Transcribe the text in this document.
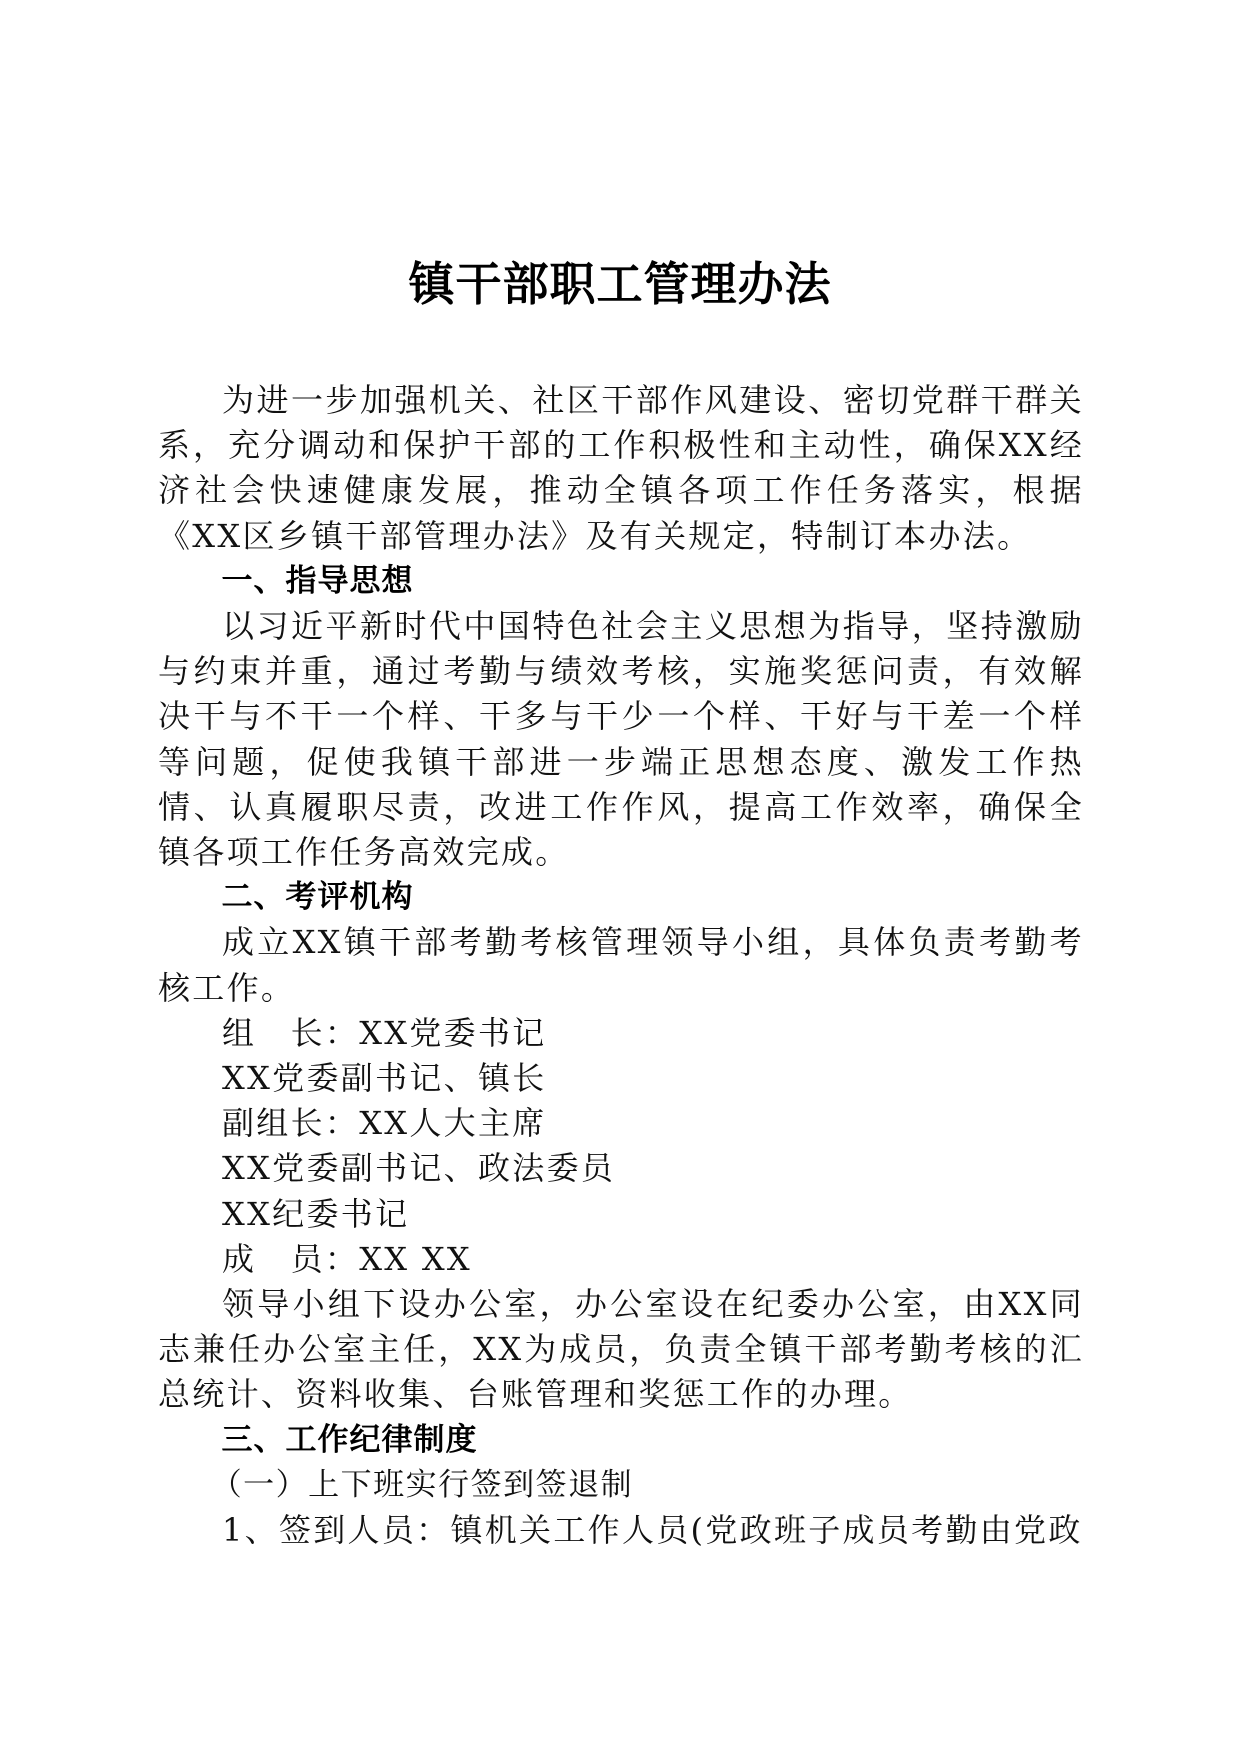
镇干部职工管理办法

为进一步加强机关、社区干部作风建设、密切党群干群关系，充分调动和保护干部的工作积极性和主动性，确保XX经济社会快速健康发展，推动全镇各项工作任务落实，根据《XX区乡镇干部管理办法》及有关规定，特制订本办法。

一、指导思想

以习近平新时代中国特色社会主义思想为指导，坚持激励与约束并重，通过考勤与绩效考核，实施奖惩问责，有效解决干与不干一个样、干多与干少一个样、干好与干差一个样等问题，促使我镇干部进一步端正思想态度、激发工作热情、认真履职尽责，改进工作作风，提高工作效率，确保全镇各项工作任务高效完成。

二、考评机构

成立XX镇干部考勤考核管理领导小组，具体负责考勤考核工作。

组　长：XX党委书记

XX党委副书记、镇长

副组长：XX人大主席

XX党委副书记、政法委员

XX纪委书记

成　员：XX XX

领导小组下设办公室，办公室设在纪委办公室，由XX同志兼任办公室主任，XX为成员，负责全镇干部考勤考核的汇总统计、资料收集、台账管理和奖惩工作的办理。

三、工作纪律制度
（一）上下班实行签到签退制

1、签到人员：镇机关工作人员(党政班子成员考勤由党政
